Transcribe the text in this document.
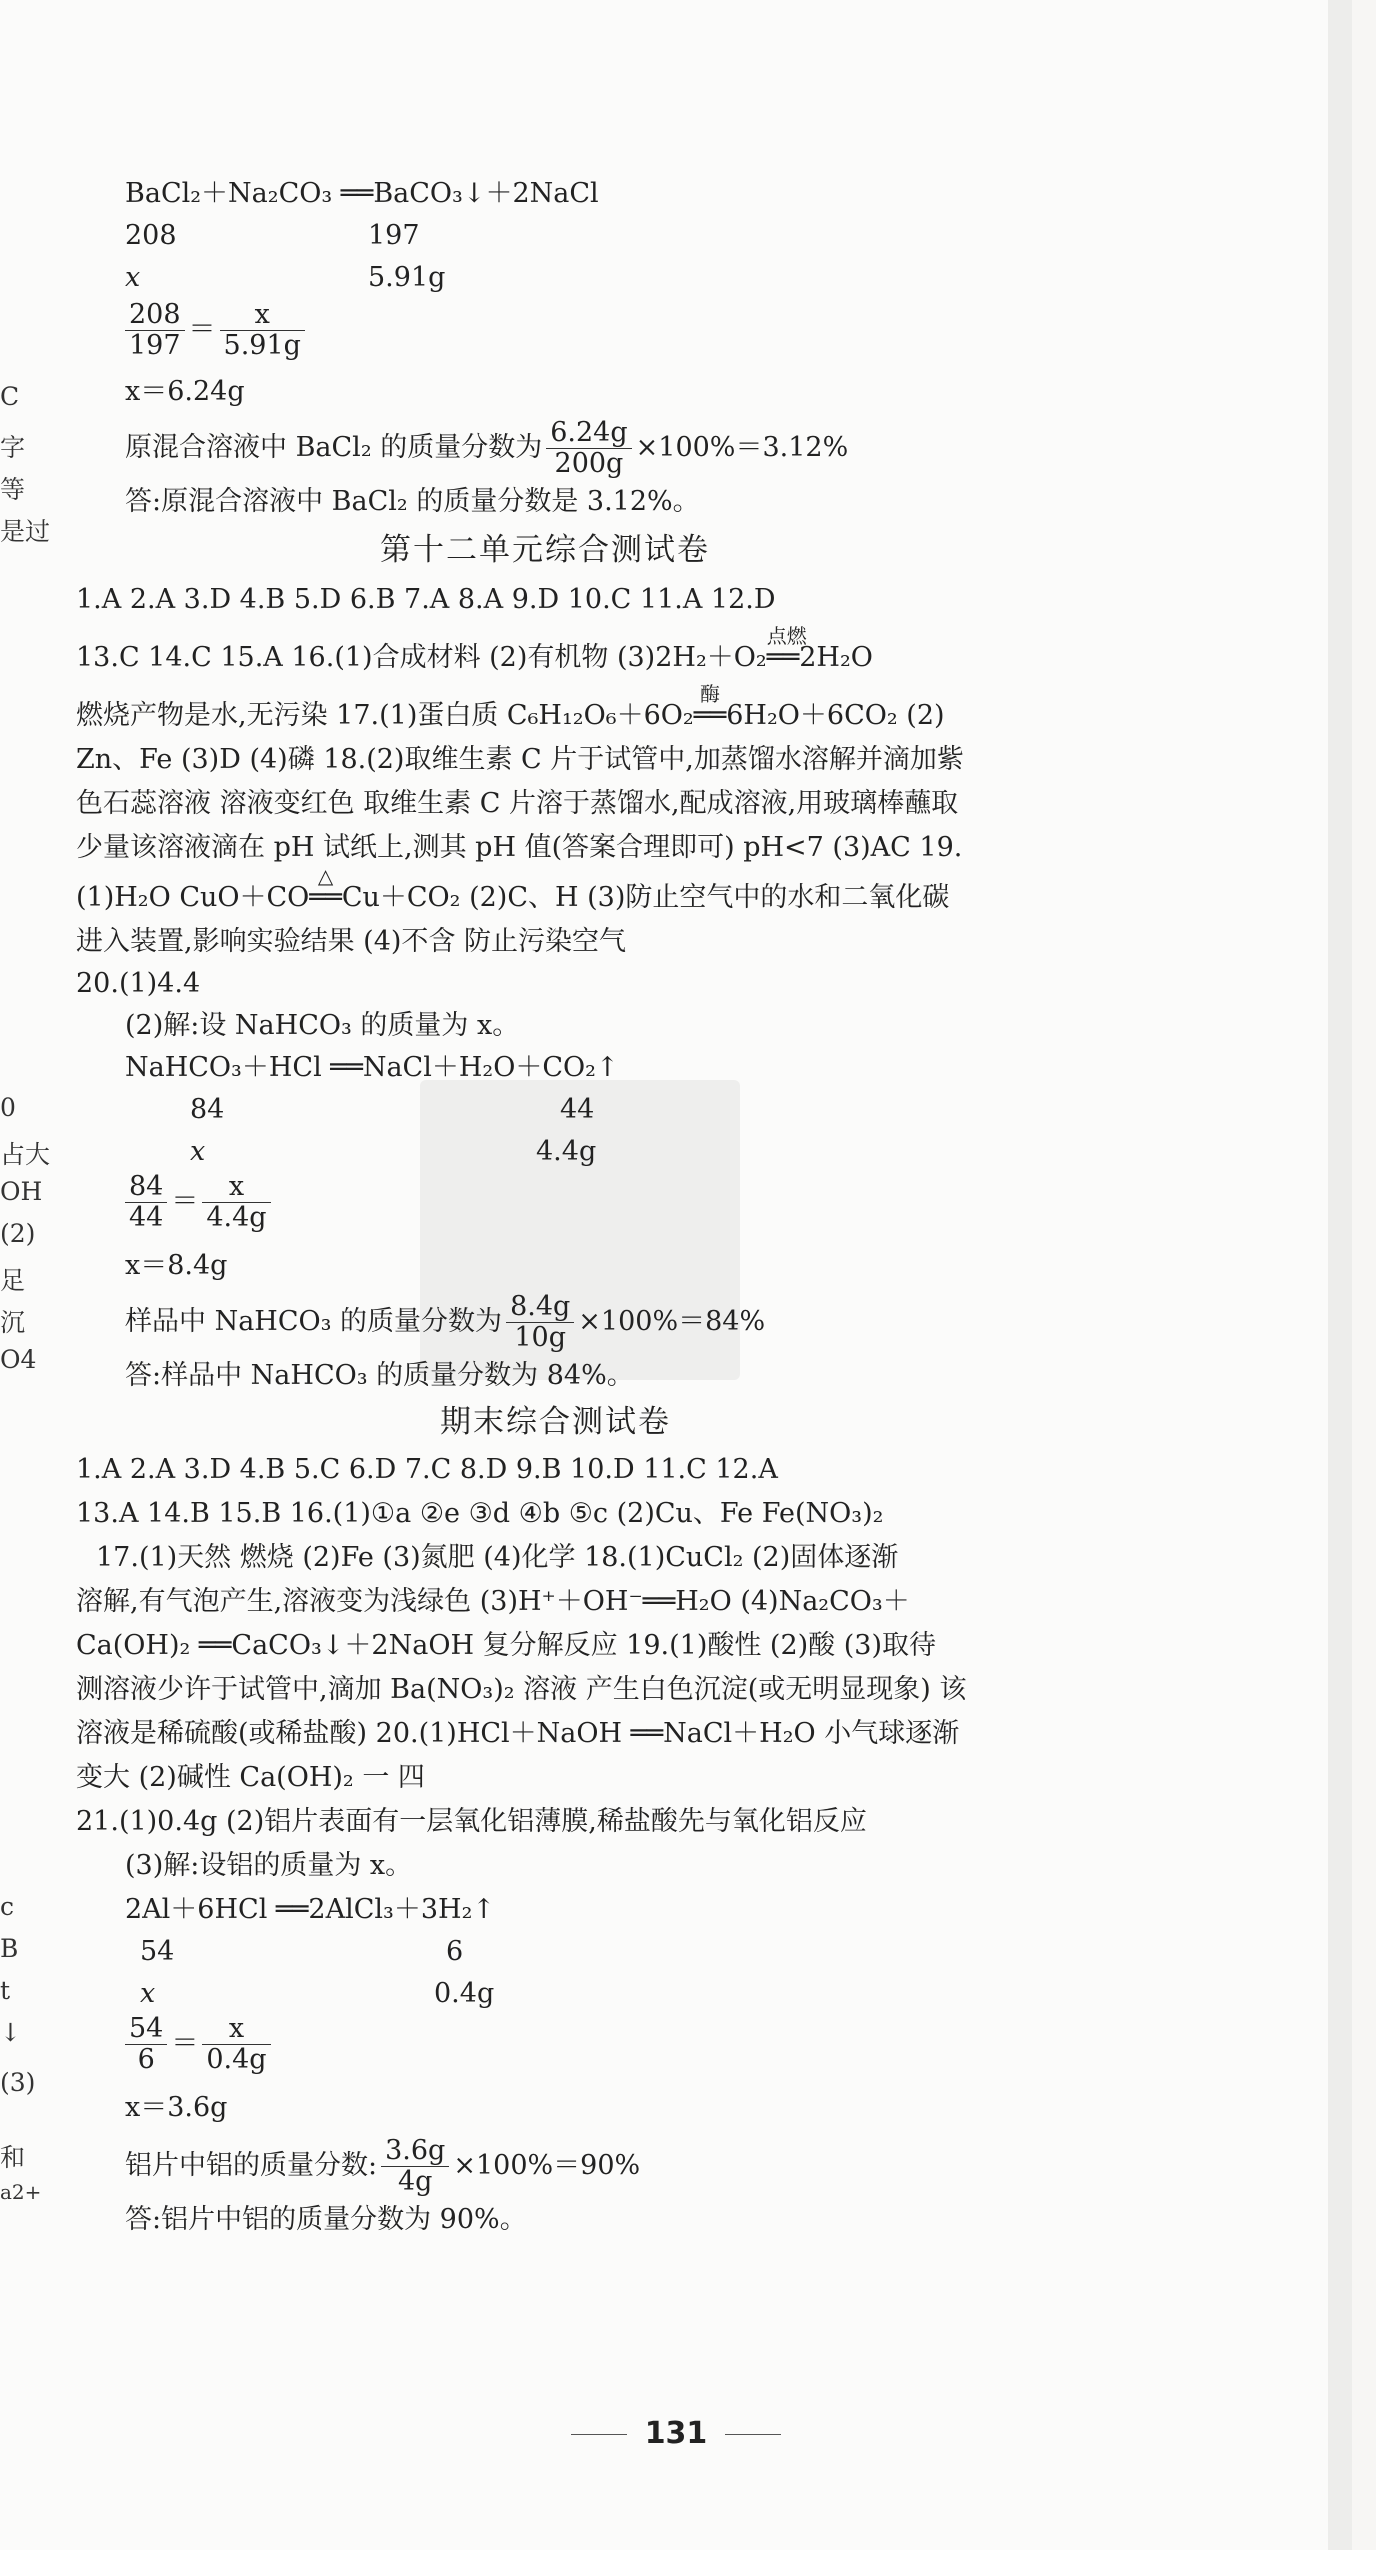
C
字
等
是过
0
占大
OH
(2)
足
沉
O4
c
B
t
↓
(3)
和
a2+
BaCl₂＋Na₂CO₃ ══BaCO₃↓＋2NaCl
208	197
x	5.91g
$\frac{208}{197} = \frac{x}{5.91g}$
x＝6.24g
原混合溶液中 BaCl₂ 的质量分数为 $\frac{6.24g}{200g} \times 100\%=3.12\%$
答:原混合溶液中 BaCl₂ 的质量分数是 3.12%。
第十二单元综合测试卷
1.A 2.A 3.D 4.B 5.D 6.B 7.A 8.A 9.D 10.C 11.A 12.D
13.C 14.C 15.A 16.(1)合成材料 (2)有机物 (3)2H₂＋O₂
点燃
══2H₂O
燃烧产物是水,无污染 17.(1)蛋白质 C₆H₁₂O₆＋6O₂
酶
══6H₂O＋6CO₂ (2)
Zn、Fe (3)D (4)磷 18.(2)取维生素 C 片于试管中,加蒸馏水溶解并滴加紫
色石蕊溶液 溶液变红色 取维生素 C 片溶于蒸馏水,配成溶液,用玻璃棒蘸取
少量该溶液滴在 pH 试纸上,测其 pH 值(答案合理即可) pH<7 (3)AC 19.
(1)H₂O CuO＋CO
△
══Cu＋CO₂ (2)C、H (3)防止空气中的水和二氧化碳
进入装置,影响实验结果 (4)不含 防止污染空气
20.(1)4.4
(2)解:设 NaHCO₃ 的质量为 x。
NaHCO₃＋HCl ══NaCl＋H₂O＋CO₂↑
84	44
x	4.4g
$\frac{84}{44} = \frac{x}{4.4g}$
x＝8.4g
样品中 NaHCO₃ 的质量分数为 $\frac{8.4g}{10g} \times 100\%=84\%$
答:样品中 NaHCO₃ 的质量分数为 84%。
期末综合测试卷
1.A 2.A 3.D 4.B 5.C 6.D 7.C 8.D 9.B 10.D 11.C 12.A
13.A 14.B 15.B 16.(1)①a ②e ③d ④b ⑤c (2)Cu、Fe Fe(NO₃)₂
17.(1)天然 燃烧 (2)Fe (3)氮肥 (4)化学 18.(1)CuCl₂ (2)固体逐渐
溶解,有气泡产生,溶液变为浅绿色 (3)H⁺＋OH⁻══H₂O (4)Na₂CO₃＋
Ca(OH)₂ ══CaCO₃↓＋2NaOH 复分解反应 19.(1)酸性 (2)酸 (3)取待
测溶液少许于试管中,滴加 Ba(NO₃)₂ 溶液 产生白色沉淀(或无明显现象) 该
溶液是稀硫酸(或稀盐酸) 20.(1)HCl＋NaOH ══NaCl＋H₂O 小气球逐渐
变大 (2)碱性 Ca(OH)₂ 一 四
21.(1)0.4g (2)铝片表面有一层氧化铝薄膜,稀盐酸先与氧化铝反应
(3)解:设铝的质量为 x。
2Al＋6HCl ══2AlCl₃＋3H₂↑
54	6
x	0.4g
$\frac{54}{6} = \frac{x}{0.4g}$
x＝3.6g
铝片中铝的质量分数: $\frac{3.6g}{4g} \times 100\%=90\%$
答:铝片中铝的质量分数为 90%。
131
